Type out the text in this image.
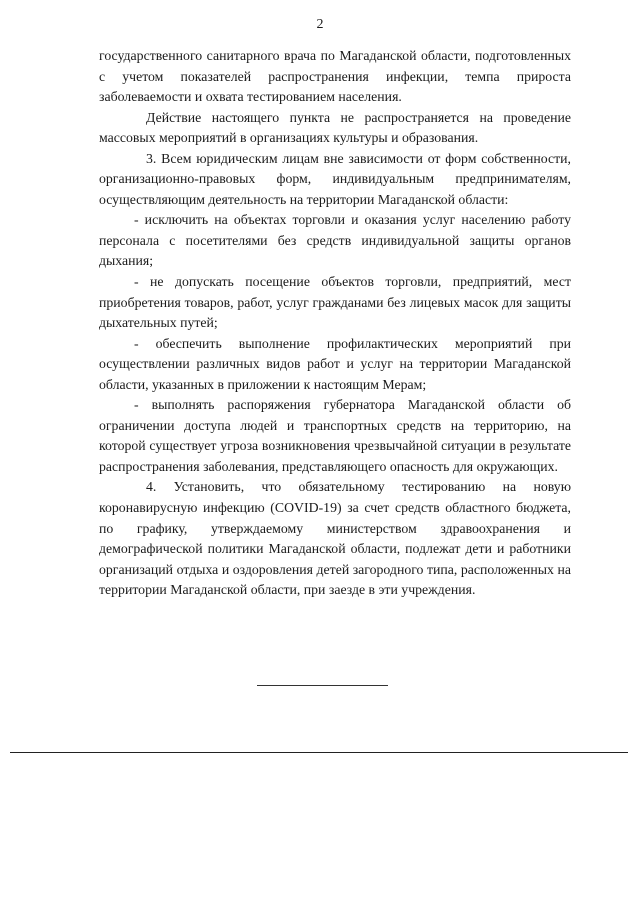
2

государственного санитарного врача по Магаданской области, подготовленных с учетом показателей распространения инфекции, темпа прироста заболеваемости и охвата тестированием населения.

Действие настоящего пункта не распространяется на проведение массовых мероприятий в организациях культуры и образования.

3. Всем юридическим лицам вне зависимости от форм собственности, организационно-правовых форм, индивидуальным предпринимателям, осуществляющим деятельность на территории Магаданской области:

- исключить на объектах торговли и оказания услуг населению работу персонала с посетителями без средств индивидуальной защиты органов дыхания;

- не допускать посещение объектов торговли, предприятий, мест приобретения товаров, работ, услуг гражданами без лицевых масок для защиты дыхательных путей;

- обеспечить выполнение профилактических мероприятий при осуществлении различных видов работ и услуг на территории Магаданской области, указанных в приложении к настоящим Мерам;

- выполнять распоряжения губернатора Магаданской области об ограничении доступа людей и транспортных средств на территорию, на которой существует угроза возникновения чрезвычайной ситуации в результате распространения заболевания, представляющего опасность для окружающих.

4. Установить, что обязательному тестированию на новую коронавирусную инфекцию (COVID-19) за счет средств областного бюджета, по графику, утверждаемому министерством здравоохранения и демографической политики Магаданской области, подлежат дети и работники организаций отдыха и оздоровления детей загородного типа, расположенных на территории Магаданской области, при заезде в эти учреждения.
